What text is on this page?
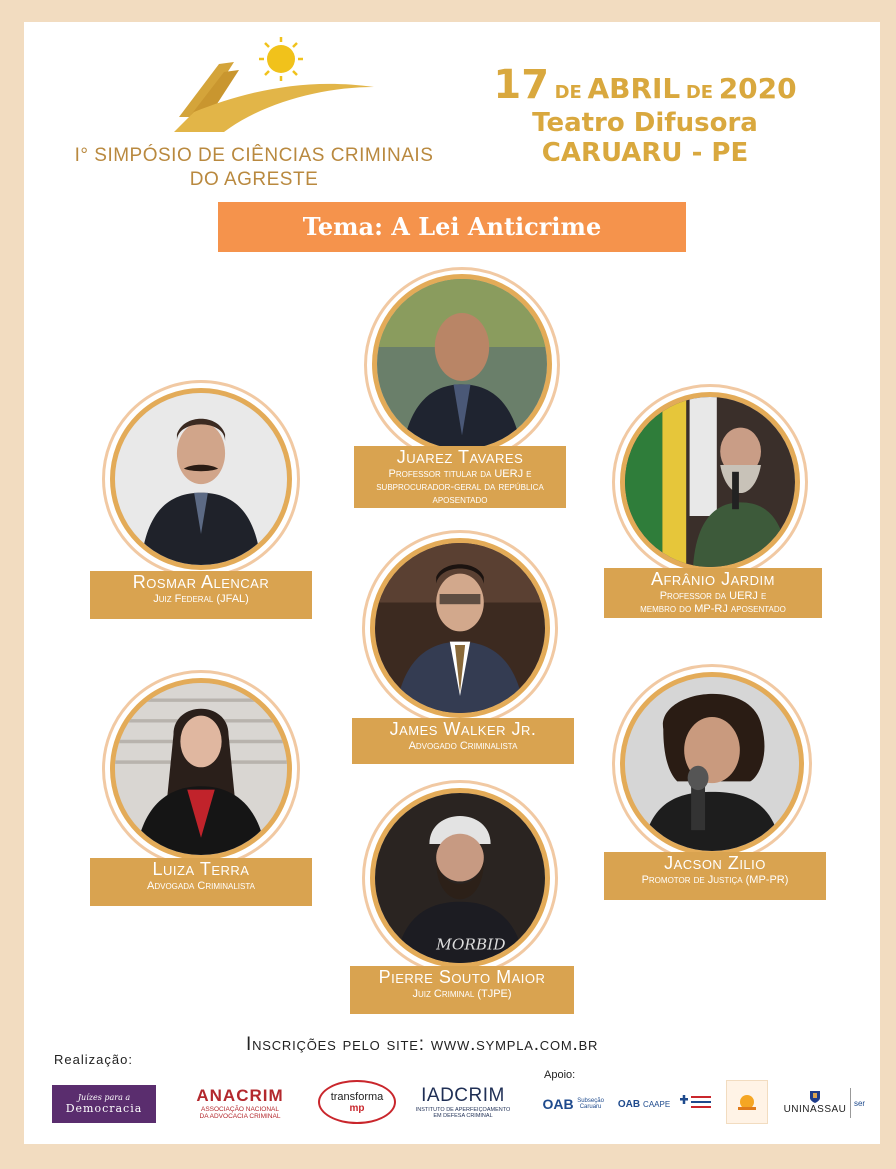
I° SIMPÓSIO DE CIÊNCIAS CRIMINAIS
DO AGRESTE
17 DE ABRIL DE 2020
Teatro Difusora
CARUARU - PE
Tema: A Lei Anticrime
Juarez Tavares
Professor titular da UERJ e
subprocurador-geral da república
aposentado
Rosmar Alencar
Juiz Federal (JFAL)
Afrânio Jardim
Professor da UERJ e
membro do MP-RJ aposentado
James Walker Jr.
Advogado Criminalista
Luiza Terra
Advogada Criminalista
Jacson Zilio
Promotor de Justiça (MP-PR)
MORBID
Pierre Souto Maior
Juiz Criminal (TJPE)
Inscrições pelo site: www.sympla.com.br
Realização:
Apoio:
Juízes para a
Democracia
ANACRIM
ASSOCIAÇÃO NACIONAL
DA ADVOCACIA CRIMINAL
transforma
mp
IADCRIM
INSTITUTO DE APERFEIÇOAMENTO
EM DEFESA CRIMINAL
OAB Subseção Caruaru	OAB CAAPE	UNINASSAU
ser
